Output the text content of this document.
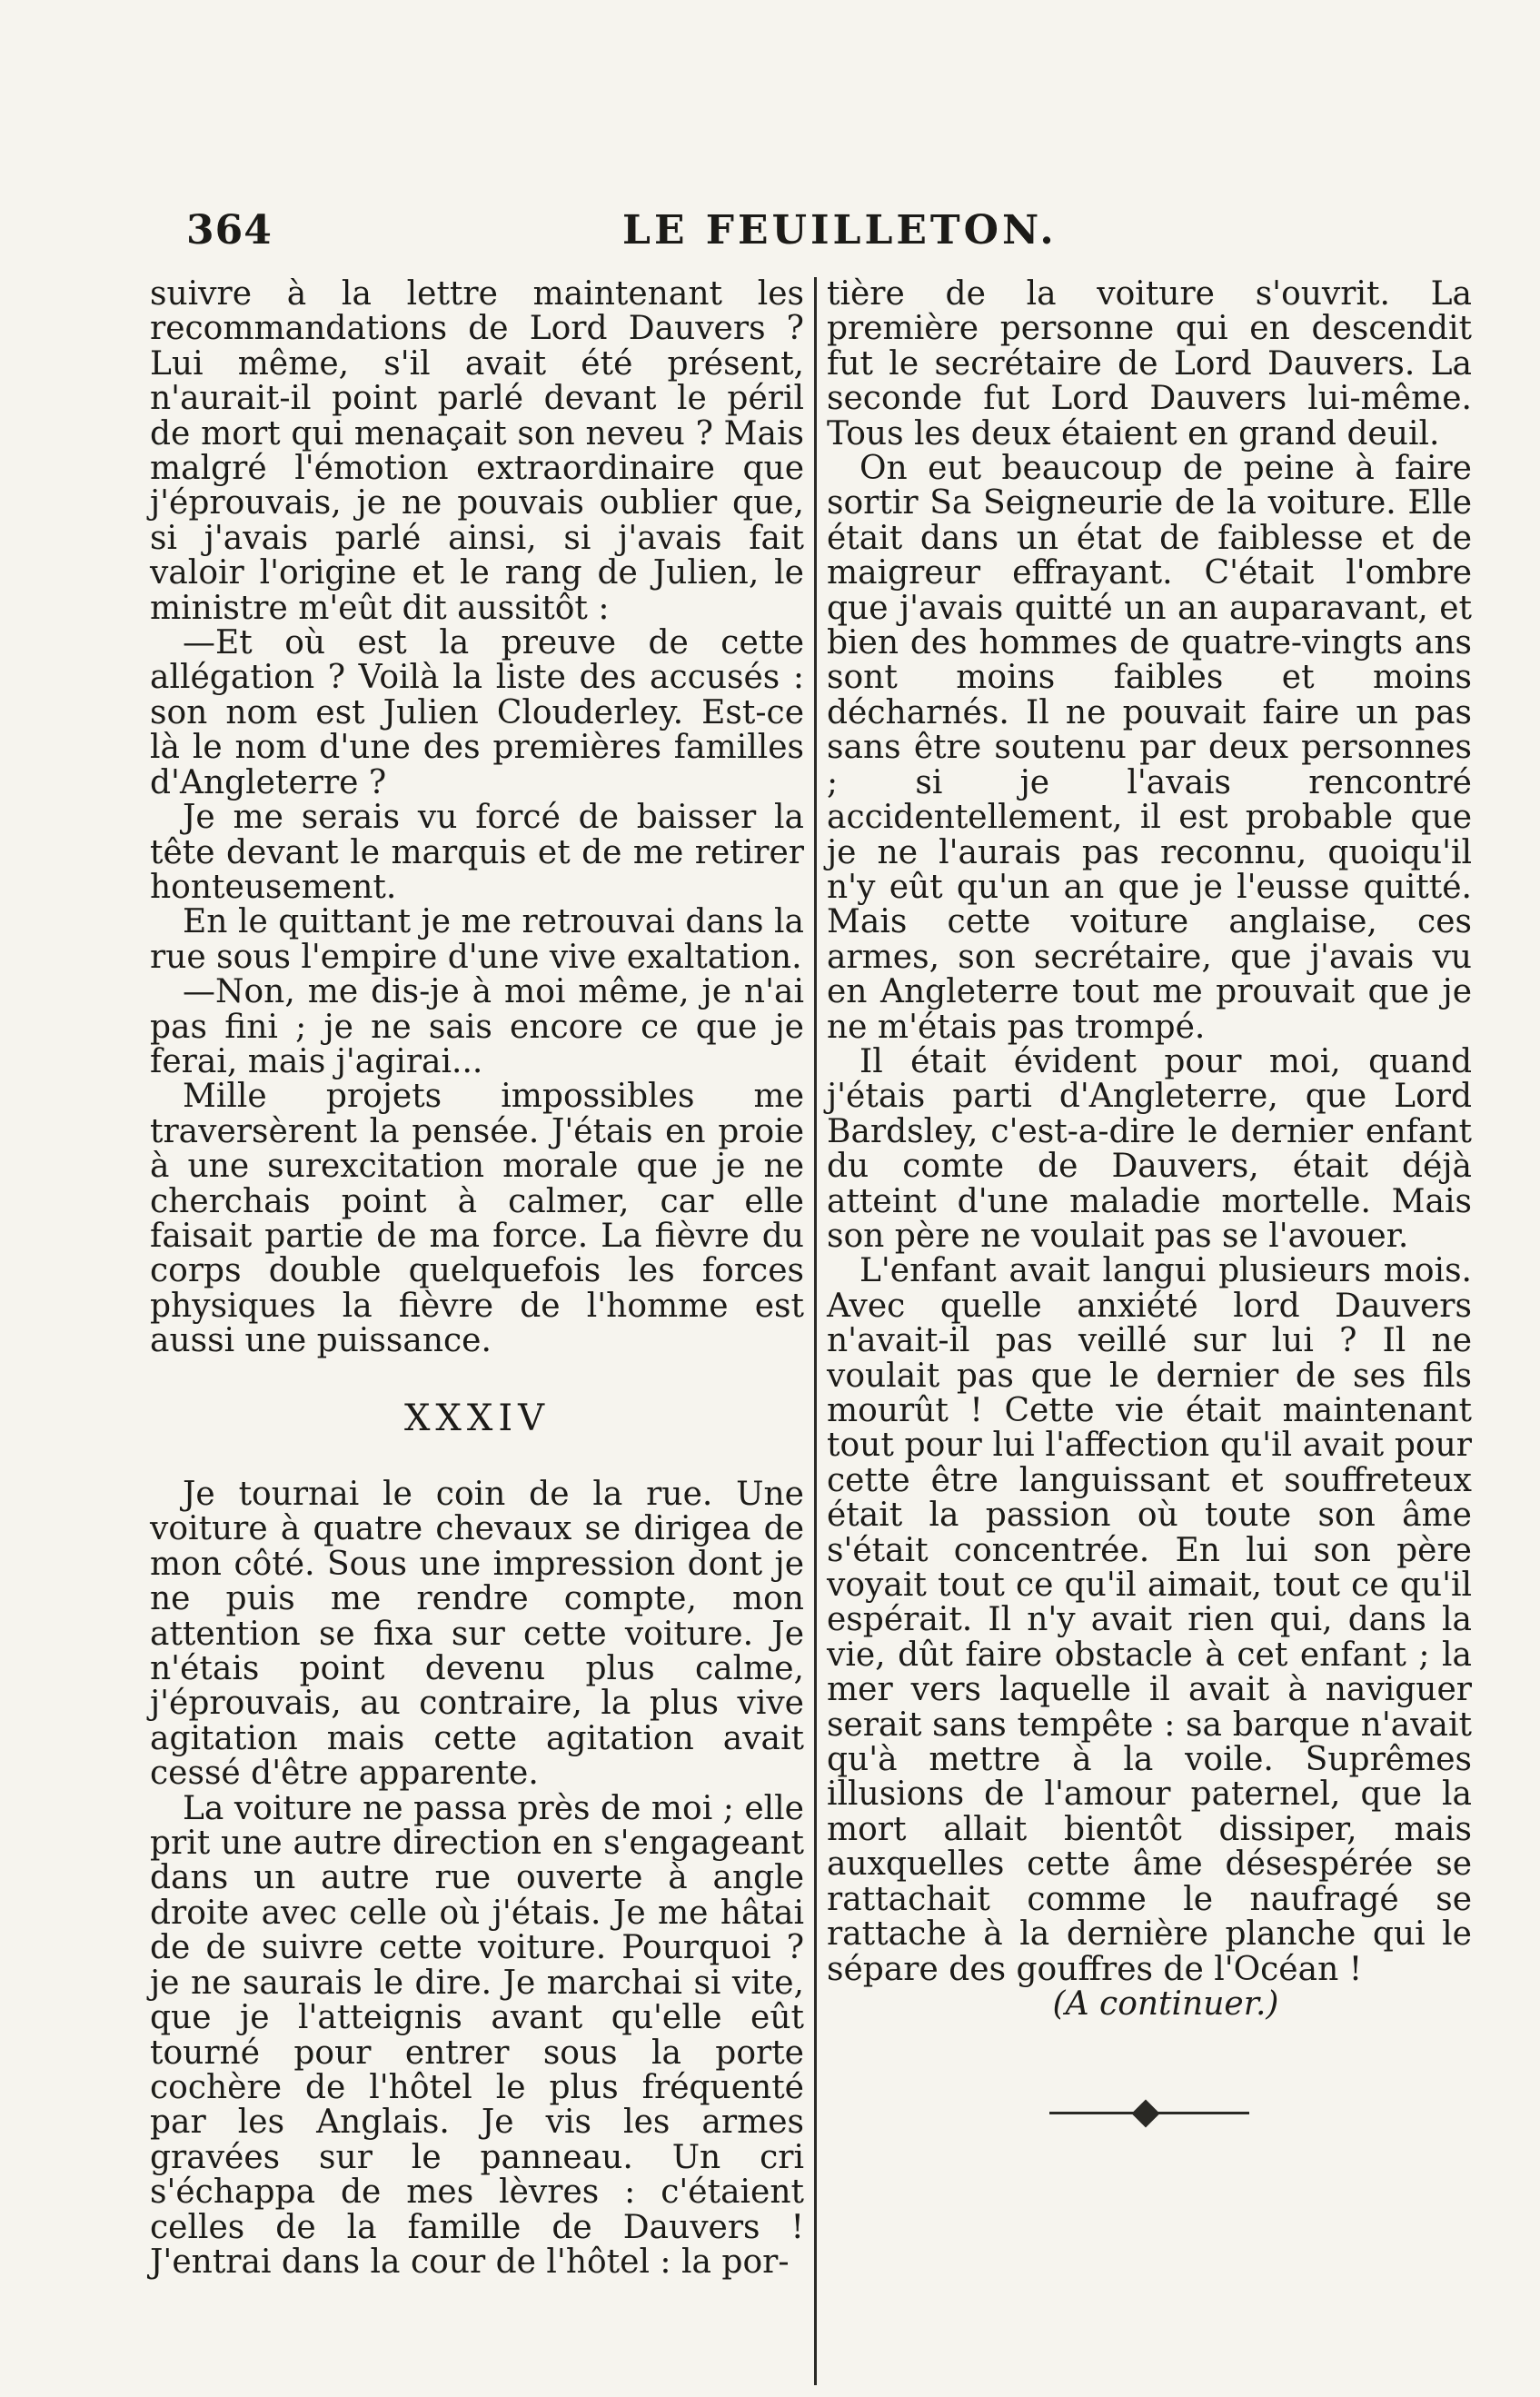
364	LE FEUILLETON.

suivre à la lettre maintenant les recommandations de Lord Dauvers ? Lui même, s'il avait été présent, n'aurait-il point parlé devant le péril de mort qui menaçait son neveu ? Mais malgré l'émotion extraordinaire que j'éprouvais, je ne pouvais oublier que, si j'avais parlé ainsi, si j'avais fait valoir l'origine et le rang de Julien, le ministre m'eût dit aussitôt :

—Et où est la preuve de cette allégation ? Voilà la liste des accusés : son nom est Julien Clouderley. Est-ce là le nom d'une des premières familles d'Angleterre ?

Je me serais vu forcé de baisser la tête devant le marquis et de me retirer honteusement.

En le quittant je me retrouvai dans la rue sous l'empire d'une vive exaltation.

—Non, me dis-je à moi même, je n'ai pas fini ; je ne sais encore ce que je ferai, mais j'agirai...

Mille projets impossibles me traversèrent la pensée. J'étais en proie à une surexcitation morale que je ne cherchais point à calmer, car elle faisait partie de ma force. La fièvre du corps double quelquefois les forces physiques la fièvre de l'homme est aussi une puissance.

XXXIV

Je tournai le coin de la rue. Une voiture à quatre chevaux se dirigea de mon côté. Sous une impression dont je ne puis me rendre compte, mon attention se fixa sur cette voiture. Je n'étais point devenu plus calme, j'éprouvais, au contraire, la plus vive agitation mais cette agitation avait cessé d'être apparente.

La voiture ne passa près de moi ; elle prit une autre direction en s'engageant dans un autre rue ouverte à angle droite avec celle où j'étais. Je me hâtai de de suivre cette voiture. Pourquoi ? je ne saurais le dire. Je marchai si vite, que je l'atteignis avant qu'elle eût tourné pour entrer sous la porte cochère de l'hôtel le plus fréquenté par les Anglais. Je vis les armes gravées sur le panneau. Un cri s'échappa de mes lèvres : c'étaient celles de la famille de Dauvers ! J'entrai dans la cour de l'hôtel : la por-

tière de la voiture s'ouvrit. La première personne qui en descendit fut le secrétaire de Lord Dauvers. La seconde fut Lord Dauvers lui-même. Tous les deux étaient en grand deuil.

On eut beaucoup de peine à faire sortir Sa Seigneurie de la voiture. Elle était dans un état de faiblesse et de maigreur effrayant. C'était l'ombre que j'avais quitté un an auparavant, et bien des hommes de quatre-vingts ans sont moins faibles et moins décharnés. Il ne pouvait faire un pas sans être soutenu par deux personnes ; si je l'avais rencontré accidentellement, il est probable que je ne l'aurais pas reconnu, quoiqu'il n'y eût qu'un an que je l'eusse quitté. Mais cette voiture anglaise, ces armes, son secrétaire, que j'avais vu en Angleterre tout me prouvait que je ne m'étais pas trompé.

Il était évident pour moi, quand j'étais parti d'Angleterre, que Lord Bardsley, c'est-a-dire le dernier enfant du comte de Dauvers, était déjà atteint d'une maladie mortelle. Mais son père ne voulait pas se l'avouer.

L'enfant avait langui plusieurs mois. Avec quelle anxiété lord Dauvers n'avait-il pas veillé sur lui ? Il ne voulait pas que le dernier de ses fils mourût ! Cette vie était maintenant tout pour lui l'affection qu'il avait pour cette être languissant et souffreteux était la passion où toute son âme s'était concentrée. En lui son père voyait tout ce qu'il aimait, tout ce qu'il espérait. Il n'y avait rien qui, dans la vie, dût faire obstacle à cet enfant ; la mer vers laquelle il avait à naviguer serait sans tempête : sa barque n'avait qu'à mettre à la voile. Suprêmes illusions de l'amour paternel, que la mort allait bientôt dissiper, mais auxquelles cette âme désespérée se rattachait comme le naufragé se rattache à la dernière planche qui le sépare des gouffres de l'Océan !

(A continuer.)
